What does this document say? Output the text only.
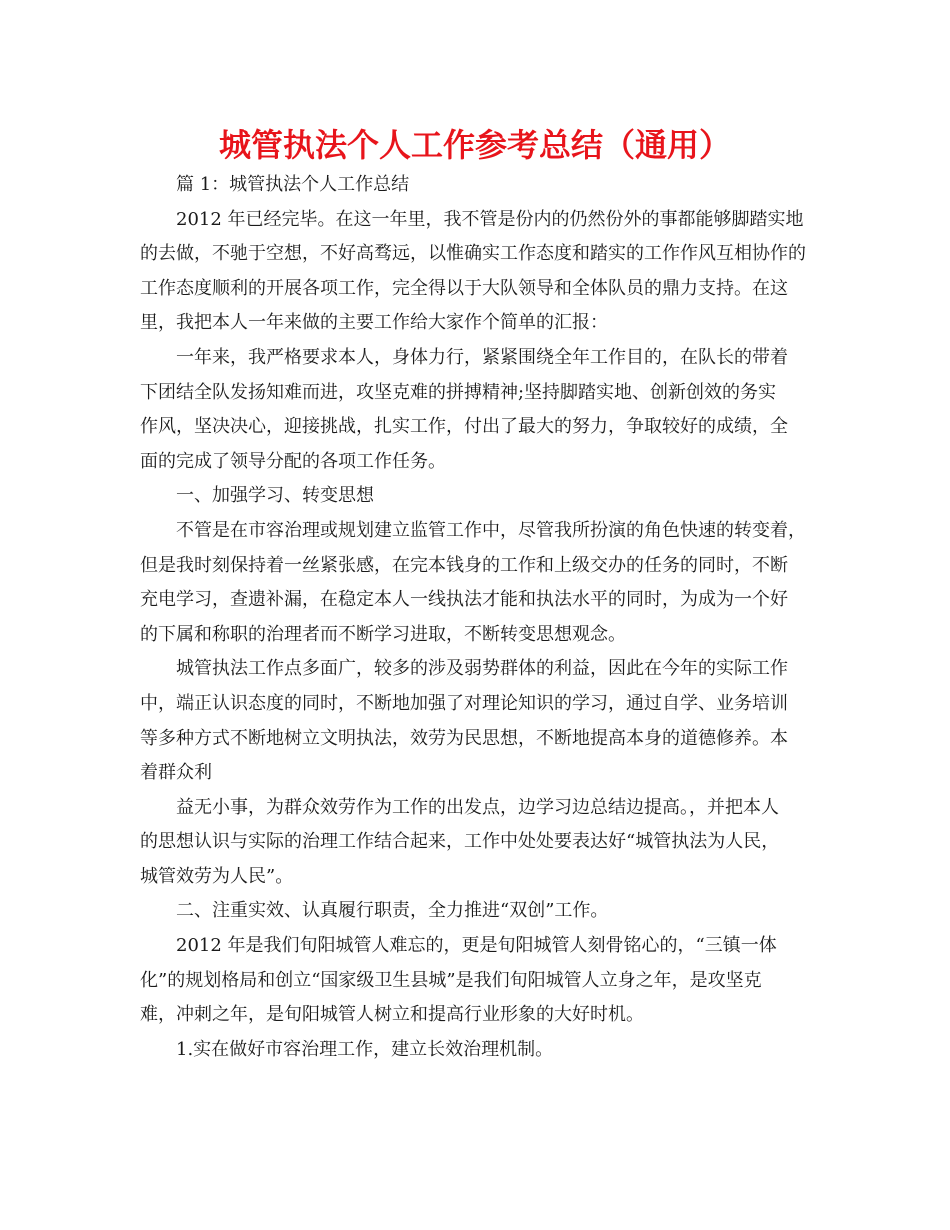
城管执法个人工作参考总结（通用）
篇 1：城管执法个人工作总结
2012 年已经完毕。在这一年里，我不管是份内的仍然份外的事都能够脚踏实地
的去做，不驰于空想，不好高骛远，以惟确实工作态度和踏实的工作作风互相协作的
工作态度顺利的开展各项工作，完全得以于大队领导和全体队员的鼎力支持。在这
里，我把本人一年来做的主要工作给大家作个简单的汇报：
一年来，我严格要求本人，身体力行，紧紧围绕全年工作目的，在队长的带着
下团结全队发扬知难而进，攻坚克难的拼搏精神;坚持脚踏实地、创新创效的务实
作风，坚决决心，迎接挑战，扎实工作，付出了最大的努力，争取较好的成绩，全
面的完成了领导分配的各项工作任务。
一、加强学习、转变思想
不管是在市容治理或规划建立监管工作中，尽管我所扮演的角色快速的转变着，
但是我时刻保持着一丝紧张感，在完本钱身的工作和上级交办的任务的同时，不断
充电学习，查遗补漏，在稳定本人一线执法才能和执法水平的同时，为成为一个好
的下属和称职的治理者而不断学习进取，不断转变思想观念。
城管执法工作点多面广，较多的涉及弱势群体的利益，因此在今年的实际工作
中，端正认识态度的同时，不断地加强了对理论知识的学习，通过自学、业务培训
等多种方式不断地树立文明执法，效劳为民思想，不断地提高本身的道德修养。本
着群众利
益无小事，为群众效劳作为工作的出发点，边学习边总结边提高。，并把本人
的思想认识与实际的治理工作结合起来，工作中处处要表达好“城管执法为人民，
城管效劳为人民”。
二、注重实效、认真履行职责，全力推进“双创”工作。
2012 年是我们旬阳城管人难忘的，更是旬阳城管人刻骨铭心的，“三镇一体
化”的规划格局和创立“国家级卫生县城”是我们旬阳城管人立身之年，是攻坚克
难，冲刺之年，是旬阳城管人树立和提高行业形象的大好时机。
1.实在做好市容治理工作，建立长效治理机制。
